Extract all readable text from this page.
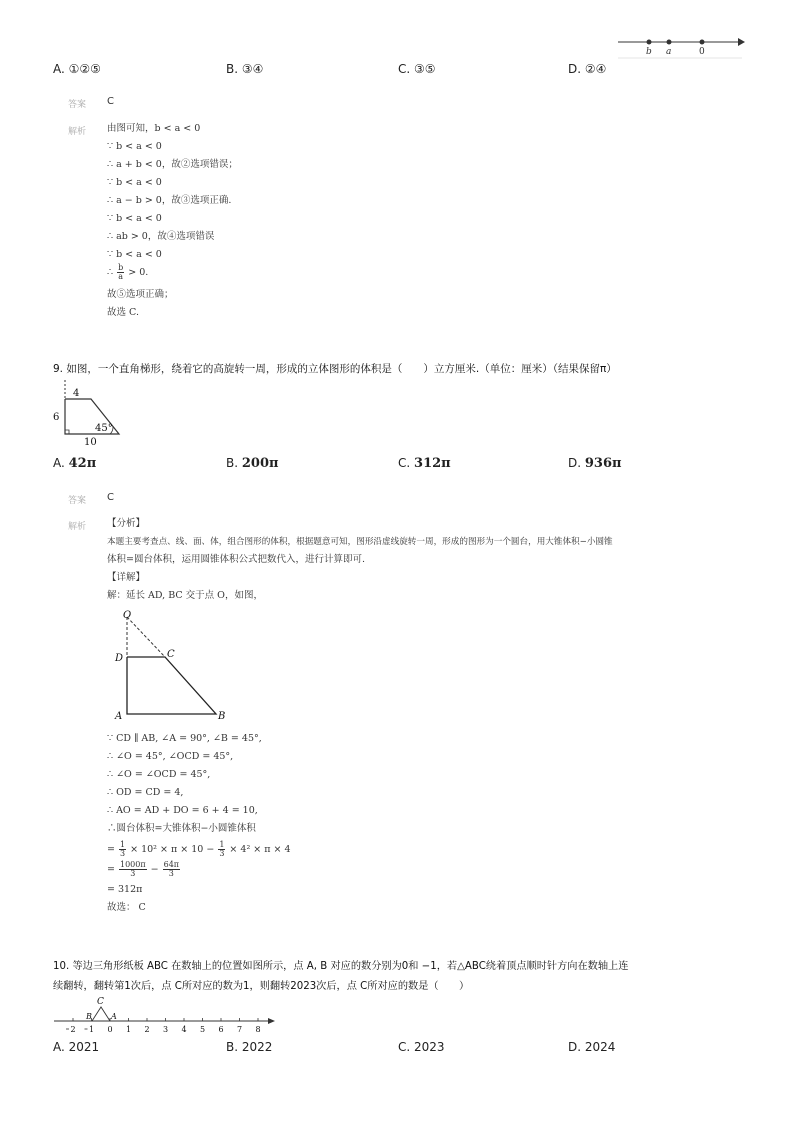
b a	0
A. ①②⑤	B. ③④	C. ③⑤	D. ②④
答案 C
解析 由图可知，b < a < 0
∵ b < a < 0
∴ a + b < 0，故②选项错误；
∵ b < a < 0
∴ a − b > 0，故③选项正确.
∵ b < a < 0
∴ ab > 0，故④选项错误
∵ b < a < 0
∴ $\frac{b}{a} > 0$.
故⑤选项正确；
故选 C.
9. 如图，一个直角梯形，绕着它的高旋转一周，形成的立体图形的体积是（　　）立方厘米.（单位：厘米）（结果保留π）
4
6
10
45°
A. 42π	B. 200π	C. 312π	D. 936π
答案 C
解析 【分析】
本题主要考查点、线、面、体，组合图形的体积，根据题意可知，图形沿虚线旋转一周，形成的图形为一个圆台，用大锥体积−小圆锥
体积=圆台体积，运用圆锥体积公式把数代入，进行计算即可.
【详解】
解：延长 AD, BC 交于点 O，如图，
O
D	C
A	B
∵ CD ∥ AB, ∠A = 90°, ∠B = 45°,
∴ ∠O = 45°, ∠OCD = 45°,
∴ ∠O = ∠OCD = 45°,
∴ OD = CD = 4,
∴ AO = AD + DO = 6 + 4 = 10,
∴圆台体积=大锥体积−小圆锥体积
= $\frac{1}{3} \times 10^2 \times \pi \times 10 - \frac{1}{3} \times 4^2 \times \pi \times 4$
= $\frac{1000\pi}{3} - \frac{64\pi}{3}$
= 312π
故选： C
10. 等边三角形纸板 ABC 在数轴上的位置如图所示，点 A, B 对应的数分别为0和 −1，若△ABC绕着顶点顺时针方向在数轴上连
续翻转，翻转第1次后，点 C所对应的数为1，则翻转2023次后，点 C所对应的数是（　　）
C
B A
2 1 0 1 2 3 4 5 6 7 8
A. 2021	B. 2022	C. 2023	D. 2024
